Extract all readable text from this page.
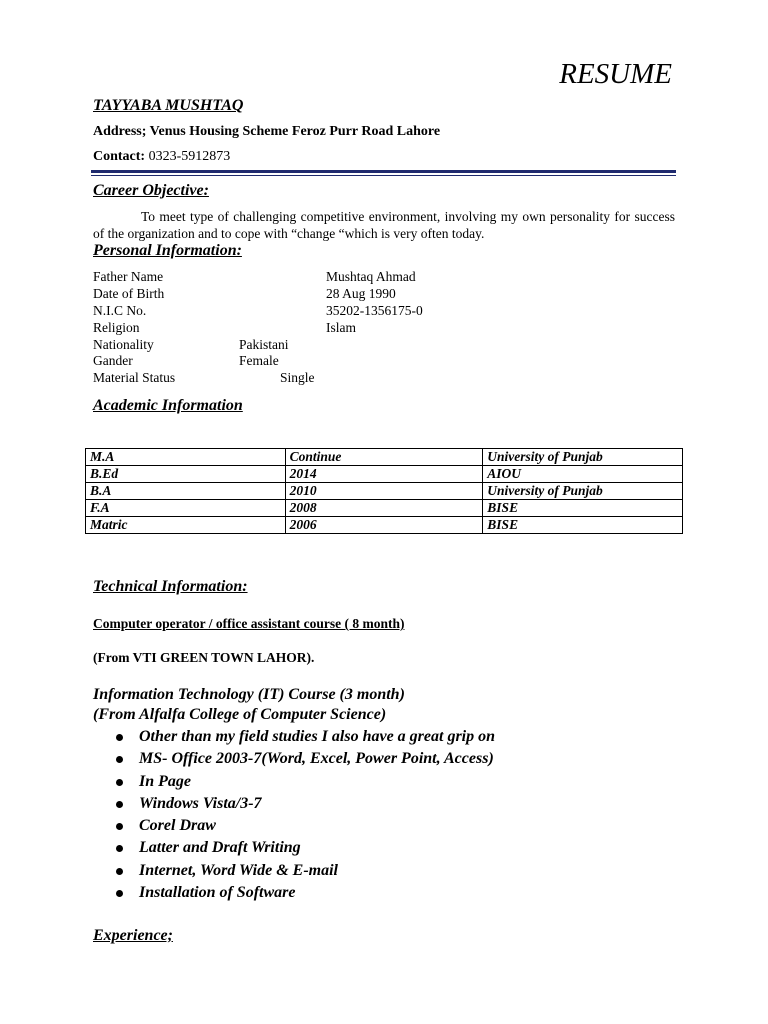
RESUME
TAYYABA MUSHTAQ
Address; Venus Housing Scheme Feroz Purr Road Lahore
Contact: 0323-5912873
Career Objective:
To meet type of challenging competitive environment, involving my own personality for success of the organization and to cope with “change “which is very often today.
Personal Information:
Father Name	Mushtaq Ahmad
Date of Birth	28 Aug 1990
N.I.C No.	35202-1356175-0
Religion	Islam
Nationality	Pakistani
Gander	Female
Material Status	Single
Academic Information
M.A	Continue	University of Punjab
B.Ed	2014	AIOU
B.A	2010	University of Punjab
F.A	2008	BISE
Matric	2006	BISE
Technical Information:
Computer operator / office assistant course ( 8 month)
(From VTI GREEN TOWN LAHOR).
Information Technology (IT) Course (3 month)
(From Alfalfa College of Computer Science)
Other than my field studies I also have a great grip on
MS- Office 2003-7(Word, Excel, Power Point, Access)
In Page
Windows Vista/3-7
Corel Draw
Latter and Draft Writing
Internet, Word Wide & E-mail
Installation of Software
Experience;
